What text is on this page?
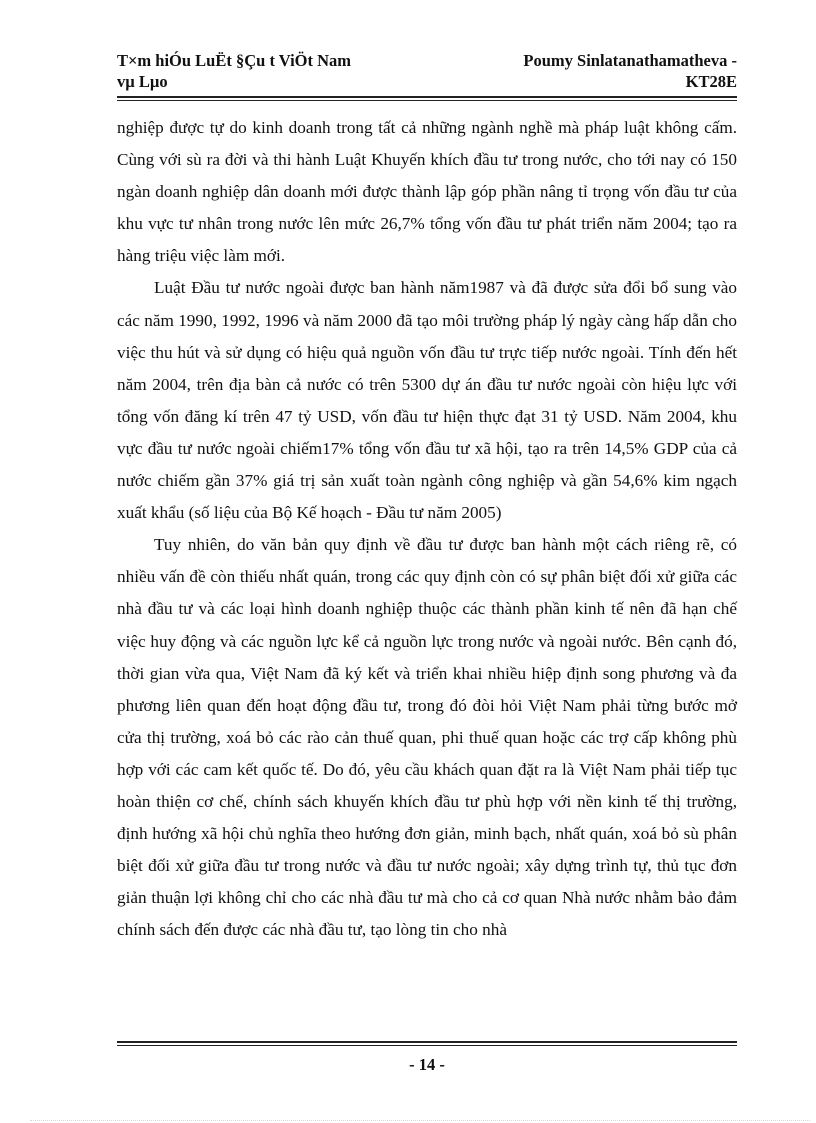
T×m hiÓu LuËt §Çu t ViÖt Nam
vµ Lµo
Poumy Sinlatanathamatheva -
KT28E

nghiệp được tự do kinh doanh trong tất cả những ngành nghề mà pháp luật không cấm. Cùng với sù ra đời và thi hành Luật Khuyến khích đầu tư trong nước, cho tới nay có 150 ngàn doanh nghiệp dân doanh mới được thành lập góp phần nâng tỉ trọng vốn đầu tư của khu vực tư nhân trong nước lên mức 26,7% tổng vốn đầu tư phát triển năm 2004; tạo ra hàng triệu việc làm mới.

Luật Đầu tư nước ngoài được ban hành năm1987 và đã được sửa đổi bổ sung vào các năm 1990, 1992, 1996 và năm 2000 đã tạo môi trường pháp lý ngày càng hấp dẫn cho việc thu hút và sử dụng có hiệu quả nguồn vốn đầu tư trực tiếp nước ngoài. Tính đến hết năm 2004, trên địa bàn cả nước có trên 5300 dự án đầu tư nước ngoài còn hiệu lực với tổng vốn đăng kí trên 47 tỷ USD, vốn đầu tư hiện thực đạt 31 tỷ USD. Năm 2004, khu vực đầu tư nước ngoài chiếm17% tổng vốn đầu tư xã hội, tạo ra trên 14,5% GDP của cả nước chiếm gần 37% giá trị sản xuất toàn ngành công nghiệp và gần 54,6% kim ngạch xuất khẩu (số liệu của Bộ Kế hoạch - Đầu tư năm 2005)

Tuy nhiên, do văn bản quy định về đầu tư được ban hành một cách riêng rẽ, có nhiều vấn đề còn thiếu nhất quán, trong các quy định còn có sự phân biệt đối xử giữa các nhà đầu tư và các loại hình doanh nghiệp thuộc các thành phần kinh tế nên đã hạn chế việc huy động và các nguồn lực kể cả nguồn lực trong nước và ngoài nước. Bên cạnh đó, thời gian vừa qua, Việt Nam đã ký kết và triển khai nhiều hiệp định song phương và đa phương liên quan đến hoạt động đầu tư, trong đó đòi hỏi Việt Nam phải từng bước mở cửa thị trường, xoá bỏ các rào cản thuế quan, phi thuế quan hoặc các trợ cấp không phù hợp với các cam kết quốc tế. Do đó, yêu cầu khách quan đặt ra là Việt Nam phải tiếp tục hoàn thiện cơ chế, chính sách khuyến khích đầu tư phù hợp với nền kinh tế thị trường, định hướng xã hội chủ nghĩa theo hướng đơn giản, minh bạch, nhất quán, xoá bỏ sù phân biệt đối xử giữa đầu tư trong nước và đầu tư nước ngoài; xây dựng trình tự, thủ tục đơn giản thuận lợi không chỉ cho các nhà đầu tư mà cho cả cơ quan Nhà nước nhằm bảo đảm chính sách đến được các nhà đầu tư, tạo lòng tin cho nhà

- 14 -
